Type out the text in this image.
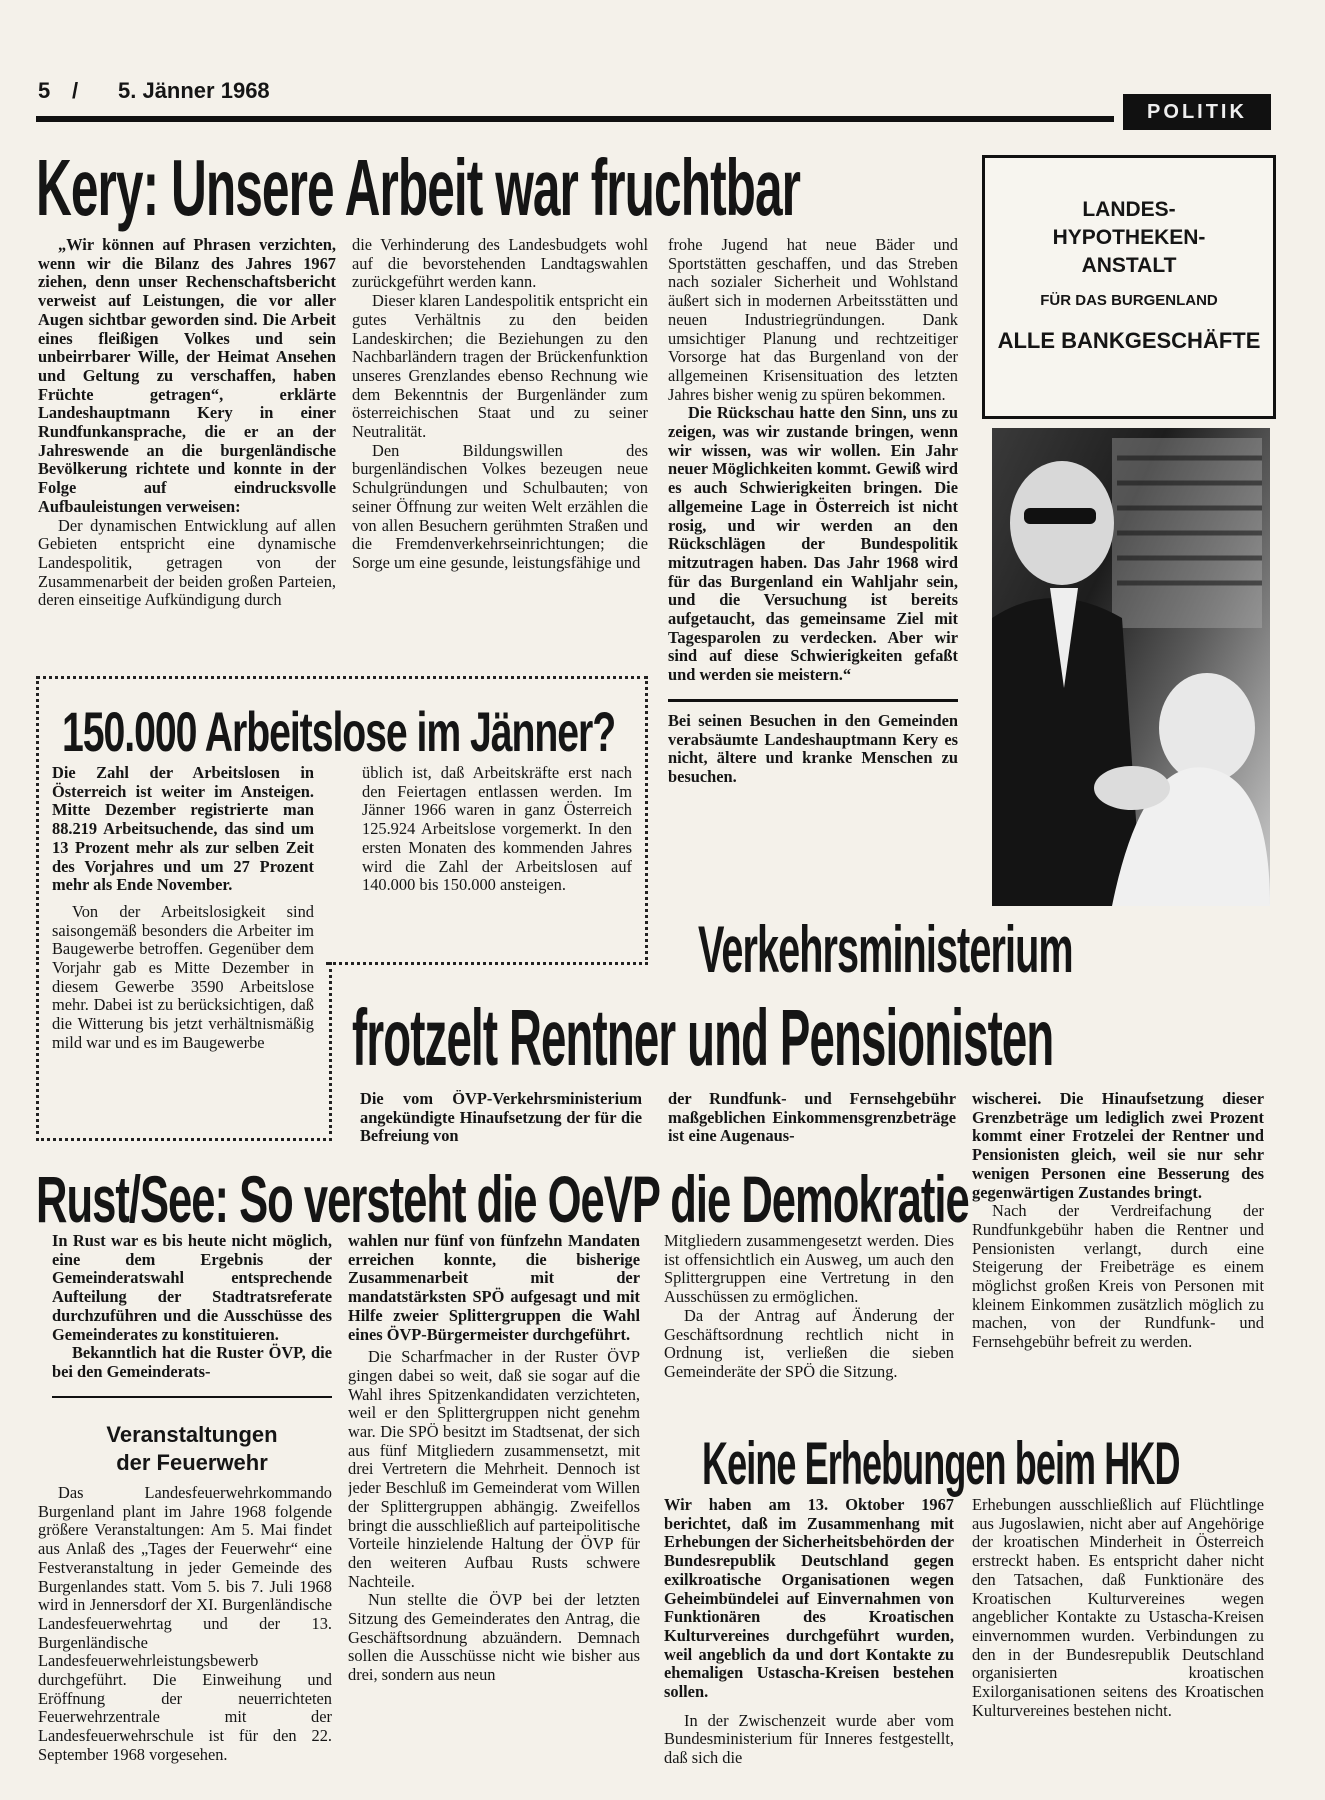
5 / 5. Jänner 1968
POLITIK
Kery: Unsere Arbeit war fruchtbar

„Wir können auf Phrasen verzichten, wenn wir die Bilanz des Jahres 1967 ziehen, denn unser Rechenschaftsbericht verweist auf Leistungen, die vor aller Augen sichtbar geworden sind. Die Arbeit eines fleißigen Volkes und sein unbeirrbarer Wille, der Heimat Ansehen und Geltung zu verschaffen, haben Früchte getragen“, erklärte Landeshauptmann Kery in einer Rundfunkansprache, die er an der Jahreswende an die burgenländische Bevölkerung richtete und konnte in der Folge auf eindrucksvolle Aufbauleistungen verweisen:

Der dynamischen Entwicklung auf allen Gebieten entspricht eine dynamische Landespolitik, getragen von der Zusammenarbeit der beiden großen Parteien, deren einseitige Aufkündigung durch

die Verhinderung des Landesbudgets wohl auf die bevorstehenden Landtagswahlen zurückgeführt werden kann.

Dieser klaren Landespolitik entspricht ein gutes Verhältnis zu den beiden Landeskirchen; die Beziehungen zu den Nachbarländern tragen der Brückenfunktion unseres Grenzlandes ebenso Rechnung wie dem Bekenntnis der Burgenländer zum österreichischen Staat und zu seiner Neutralität.

Den Bildungswillen des burgenländischen Volkes bezeugen neue Schulgründungen und Schulbauten; von seiner Öffnung zur weiten Welt erzählen die von allen Besuchern gerühmten Straßen und die Fremdenverkehrseinrichtungen; die Sorge um eine gesunde, leistungsfähige und

frohe Jugend hat neue Bäder und Sportstätten geschaffen, und das Streben nach sozialer Sicherheit und Wohlstand äußert sich in modernen Arbeitsstätten und neuen Industriegründungen. Dank umsichtiger Planung und rechtzeitiger Vorsorge hat das Burgenland von der allgemeinen Krisensituation des letzten Jahres bisher wenig zu spüren bekommen.

Die Rückschau hatte den Sinn, uns zu zeigen, was wir zustande bringen, wenn wir wissen, was wir wollen. Ein Jahr neuer Möglichkeiten kommt. Gewiß wird es auch Schwierigkeiten bringen. Die allgemeine Lage in Österreich ist nicht rosig, und wir werden an den Rückschlägen der Bundespolitik mitzutragen haben. Das Jahr 1968 wird für das Burgenland ein Wahljahr sein, und die Versuchung ist bereits aufgetaucht, das gemeinsame Ziel mit Tagesparolen zu verdecken. Aber wir sind auf diese Schwierigkeiten gefaßt und werden sie meistern.“

Bei seinen Besuchen in den Gemeinden verabsäumte Landeshauptmann Kery es nicht, ältere und kranke Menschen zu besuchen.

LANDES-
HYPOTHEKEN-
ANSTALT
FÜR DAS BURGENLAND
ALLE BANKGESCHÄFTE
150.000 Arbeitslose im Jänner?

Die Zahl der Arbeitslosen in Österreich ist weiter im Ansteigen. Mitte Dezember registrierte man 88.219 Arbeitsuchende, das sind um 13 Prozent mehr als zur selben Zeit des Vorjahres und um 27 Prozent mehr als Ende November.

Von der Arbeitslosigkeit sind saisongemäß besonders die Arbeiter im Baugewerbe betroffen. Gegenüber dem Vorjahr gab es Mitte Dezember in diesem Gewerbe 3590 Arbeitslose mehr. Dabei ist zu berücksichtigen, daß die Witterung bis jetzt verhältnismäßig mild war und es im Baugewerbe

üblich ist, daß Arbeitskräfte erst nach den Feiertagen entlassen werden. Im Jänner 1966 waren in ganz Österreich 125.924 Arbeitslose vorgemerkt. In den ersten Monaten des kommenden Jahres wird die Zahl der Arbeitslosen auf 140.000 bis 150.000 ansteigen.

Verkehrsministerium
frotzelt Rentner und Pensionisten

Die vom ÖVP-Verkehrsministerium angekündigte Hinaufsetzung der für die Befreiung von

der Rundfunk- und Fernsehgebühr maßgeblichen Einkommensgrenzbeträge ist eine Augenaus-

wischerei. Die Hinaufsetzung dieser Grenzbeträge um lediglich zwei Prozent kommt einer Frotzelei der Rentner und Pensionisten gleich, weil sie nur sehr wenigen Personen eine Besserung des gegenwärtigen Zustandes bringt.

Nach der Verdreifachung der Rundfunkgebühr haben die Rentner und Pensionisten verlangt, durch eine Steigerung der Freibeträge es einem möglichst großen Kreis von Personen mit kleinem Einkommen zusätzlich möglich zu machen, von der Rundfunk- und Fernsehgebühr befreit zu werden.

Rust/See: So versteht die OeVP die Demokratie

In Rust war es bis heute nicht möglich, eine dem Ergebnis der Gemeinderatswahl entsprechende Aufteilung der Stadtratsreferate durchzuführen und die Ausschüsse des Gemeinderates zu konstituieren.

Bekanntlich hat die Ruster ÖVP, die bei den Gemeinderats-

wahlen nur fünf von fünfzehn Mandaten erreichen konnte, die bisherige Zusammenarbeit mit der mandatstärksten SPÖ aufgesagt und mit Hilfe zweier Splittergruppen die Wahl eines ÖVP-Bürgermeister durchgeführt.

Die Scharfmacher in der Ruster ÖVP gingen dabei so weit, daß sie sogar auf die Wahl ihres Spitzenkandidaten verzichteten, weil er den Splittergruppen nicht genehm war. Die SPÖ besitzt im Stadtsenat, der sich aus fünf Mitgliedern zusammensetzt, mit drei Vertretern die Mehrheit. Dennoch ist jeder Beschluß im Gemeinderat vom Willen der Splittergruppen abhängig. Zweifellos bringt die ausschließlich auf parteipolitische Vorteile hinzielende Haltung der ÖVP für den weiteren Aufbau Rusts schwere Nachteile.

Nun stellte die ÖVP bei der letzten Sitzung des Gemeinderates den Antrag, die Geschäftsordnung abzuändern. Demnach sollen die Ausschüsse nicht wie bisher aus drei, sondern aus neun

Mitgliedern zusammengesetzt werden. Dies ist offensichtlich ein Ausweg, um auch den Splittergruppen eine Vertretung in den Ausschüssen zu ermöglichen.

Da der Antrag auf Änderung der Geschäftsordnung rechtlich nicht in Ordnung ist, verließen die sieben Gemeinderäte der SPÖ die Sitzung.

Veranstaltungen
der Feuerwehr

Das Landesfeuerwehrkommando Burgenland plant im Jahre 1968 folgende größere Veranstaltungen: Am 5. Mai findet aus Anlaß des „Tages der Feuerwehr“ eine Festveranstaltung in jeder Gemeinde des Burgenlandes statt. Vom 5. bis 7. Juli 1968 wird in Jennersdorf der XI. Burgenländische Landesfeuerwehrtag und der 13. Burgenländische Landesfeuerwehrleistungsbewerb durchgeführt. Die Einweihung und Eröffnung der neuerrichteten Feuerwehrzentrale mit der Landesfeuerwehrschule ist für den 22. September 1968 vorgesehen.

Keine Erhebungen beim HKD

Wir haben am 13. Oktober 1967 berichtet, daß im Zusammenhang mit Erhebungen der Sicherheitsbehörden der Bundesrepublik Deutschland gegen exilkroatische Organisationen wegen Geheimbündelei auf Einvernahmen von Funktionären des Kroatischen Kulturvereines durchgeführt wurden, weil angeblich da und dort Kontakte zu ehemaligen Ustascha-Kreisen bestehen sollen.

In der Zwischenzeit wurde aber vom Bundesministerium für Inneres festgestellt, daß sich die

Erhebungen ausschließlich auf Flüchtlinge aus Jugoslawien, nicht aber auf Angehörige der kroatischen Minderheit in Österreich erstreckt haben. Es entspricht daher nicht den Tatsachen, daß Funktionäre des Kroatischen Kulturvereines wegen angeblicher Kontakte zu Ustascha-Kreisen einvernommen wurden. Verbindungen zu den in der Bundesrepublik Deutschland organisierten kroatischen Exilorganisationen seitens des Kroatischen Kulturvereines bestehen nicht.
